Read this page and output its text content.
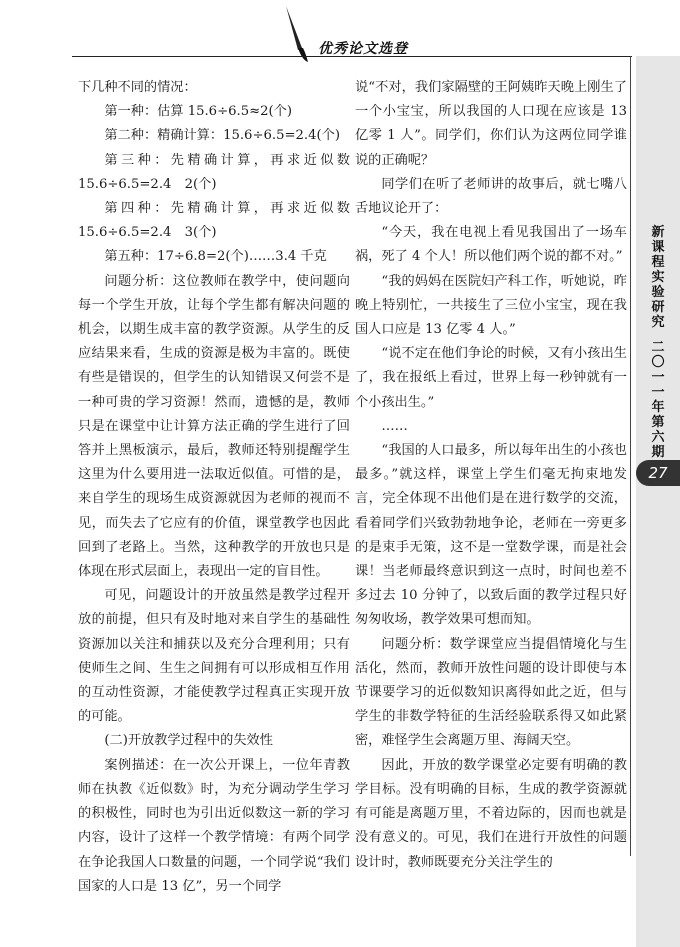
优秀论文选登
新
课
程
实
验
研
究
二
〇
一
一
年
第
六
期
27

下几种不同的情况：

第一种：估算 15.6÷6.5≈2(个)

第二种：精确计算：15.6÷6.5=2.4(个)

第三种：先精确计算，再求近似数 15.6÷6.5=2.4　2(个)

第四种：先精确计算，再求近似数 15.6÷6.5=2.4　3(个)

第五种：17÷6.8=2(个)……3.4 千克

问题分析：这位教师在教学中，使问题向每一个学生开放，让每个学生都有解决问题的机会，以期生成丰富的教学资源。从学生的反应结果来看，生成的资源是极为丰富的。既使有些是错误的，但学生的认知错误又何尝不是一种可贵的学习资源！然而，遗憾的是，教师只是在课堂中让计算方法正确的学生进行了回答并上黑板演示，最后，教师还特别提醒学生这里为什么要用进一法取近似值。可惜的是，来自学生的现场生成资源就因为老师的视而不见，而失去了它应有的价值，课堂教学也因此回到了老路上。当然，这种教学的开放也只是体现在形式层面上，表现出一定的盲目性。

可见，问题设计的开放虽然是教学过程开放的前提，但只有及时地对来自学生的基础性资源加以关注和捕获以及充分合理利用；只有使师生之间、生生之间拥有可以形成相互作用的互动性资源，才能使教学过程真正实现开放的可能。

(二)开放教学过程中的失效性

案例描述：在一次公开课上，一位年青教师在执教《近似数》时，为充分调动学生学习的积极性，同时也为引出近似数这一新的学习内容，设计了这样一个教学情境：有两个同学在争论我国人口数量的问题，一个同学说“我们国家的人口是 13 亿”，另一个同学

说“不对，我们家隔壁的王阿姨昨天晚上刚生了一个小宝宝，所以我国的人口现在应该是 13 亿零 1 人”。同学们，你们认为这两位同学谁说的正确呢？

同学们在听了老师讲的故事后，就七嘴八舌地议论开了：

“今天，我在电视上看见我国出了一场车祸，死了 4 个人！所以他们两个说的都不对。”

“我的妈妈在医院妇产科工作，听她说，昨晚上特别忙，一共接生了三位小宝宝，现在我国人口应是 13 亿零 4 人。”

“说不定在他们争论的时候，又有小孩出生了，我在报纸上看过，世界上每一秒钟就有一个小孩出生。”

……

“我国的人口最多，所以每年出生的小孩也最多。”就这样，课堂上学生们毫无拘束地发言，完全体现不出他们是在进行数学的交流，看着同学们兴致勃勃地争论，老师在一旁更多的是束手无策，这不是一堂数学课，而是社会课！当老师最终意识到这一点时，时间也差不多过去 10 分钟了，以致后面的教学过程只好匆匆收场，教学效果可想而知。

问题分析：数学课堂应当提倡情境化与生活化，然而，教师开放性问题的设计即使与本节课要学习的近似数知识离得如此之近，但与学生的非数学特征的生活经验联系得又如此紧密，难怪学生会离题万里、海阔天空。

因此，开放的数学课堂必定要有明确的教学目标。没有明确的目标，生成的教学资源就有可能是离题万里，不着边际的，因而也就是没有意义的。可见，我们在进行开放性的问题设计时，教师既要充分关注学生的
